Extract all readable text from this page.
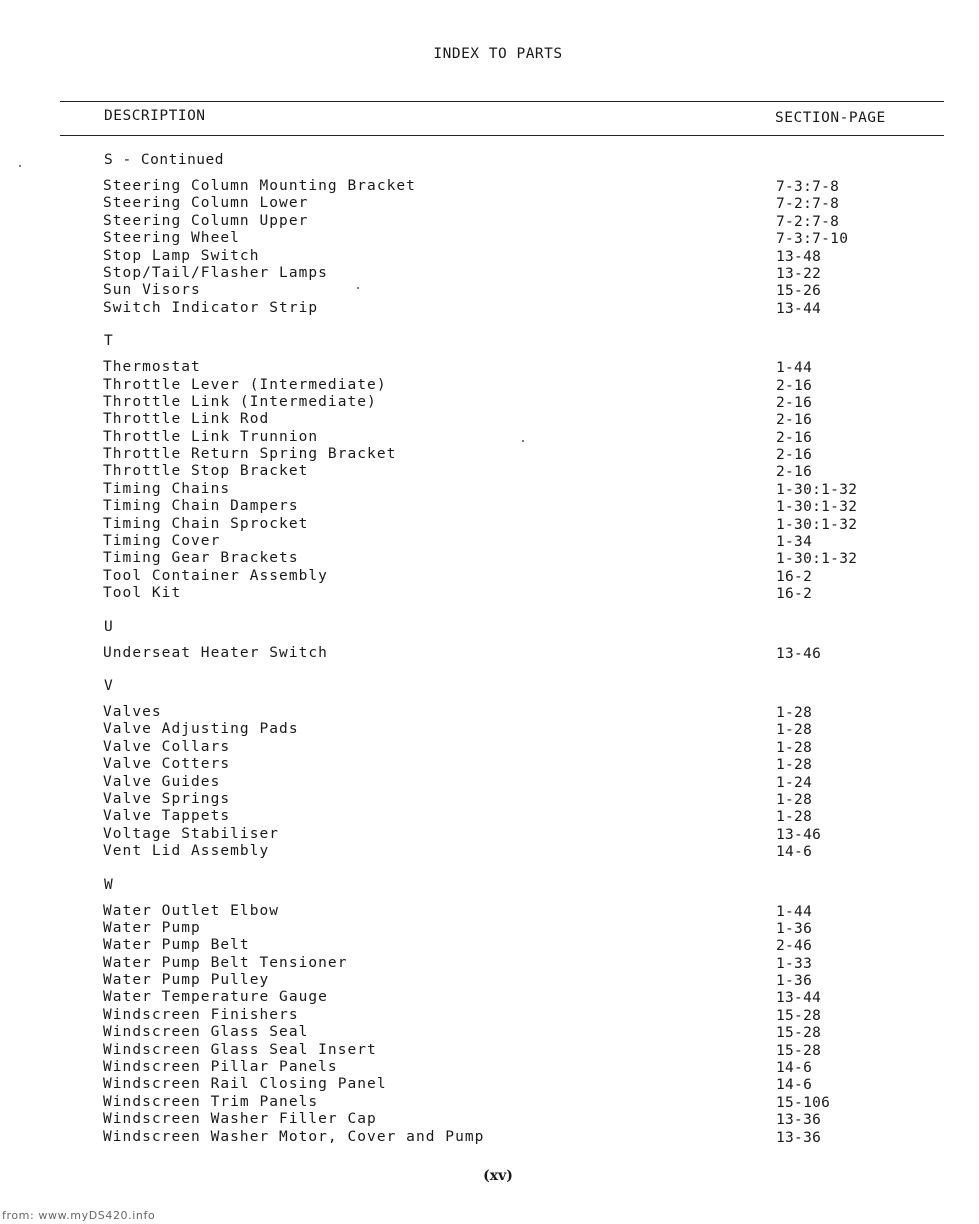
INDEX TO PARTS
DESCRIPTION	SECTION-PAGE
S - Continued
Steering Column Mounting Bracket	7-3:7-8
Steering Column Lower	7-2:7-8
Steering Column Upper	7-2:7-8
Steering Wheel	7-3:7-10
Stop Lamp Switch	13-48
Stop/Tail/Flasher Lamps	13-22
Sun Visors	15-26
Switch Indicator Strip	13-44
T
Thermostat	1-44
Throttle Lever (Intermediate)	2-16
Throttle Link (Intermediate)	2-16
Throttle Link Rod	2-16
Throttle Link Trunnion	2-16
Throttle Return Spring Bracket	2-16
Throttle Stop Bracket	2-16
Timing Chains	1-30:1-32
Timing Chain Dampers	1-30:1-32
Timing Chain Sprocket	1-30:1-32
Timing Cover	1-34
Timing Gear Brackets	1-30:1-32
Tool Container Assembly	16-2
Tool Kit	16-2
U
Underseat Heater Switch	13-46
V
Valves	1-28
Valve Adjusting Pads	1-28
Valve Collars	1-28
Valve Cotters	1-28
Valve Guides	1-24
Valve Springs	1-28
Valve Tappets	1-28
Voltage Stabiliser	13-46
Vent Lid Assembly	14-6
W
Water Outlet Elbow	1-44
Water Pump	1-36
Water Pump Belt	2-46
Water Pump Belt Tensioner	1-33
Water Pump Pulley	1-36
Water Temperature Gauge	13-44
Windscreen Finishers	15-28
Windscreen Glass Seal	15-28
Windscreen Glass Seal Insert	15-28
Windscreen Pillar Panels	14-6
Windscreen Rail Closing Panel	14-6
Windscreen Trim Panels	15-106
Windscreen Washer Filler Cap	13-36
Windscreen Washer Motor, Cover and Pump	13-36
(xv)
from: www.myDS420.info
